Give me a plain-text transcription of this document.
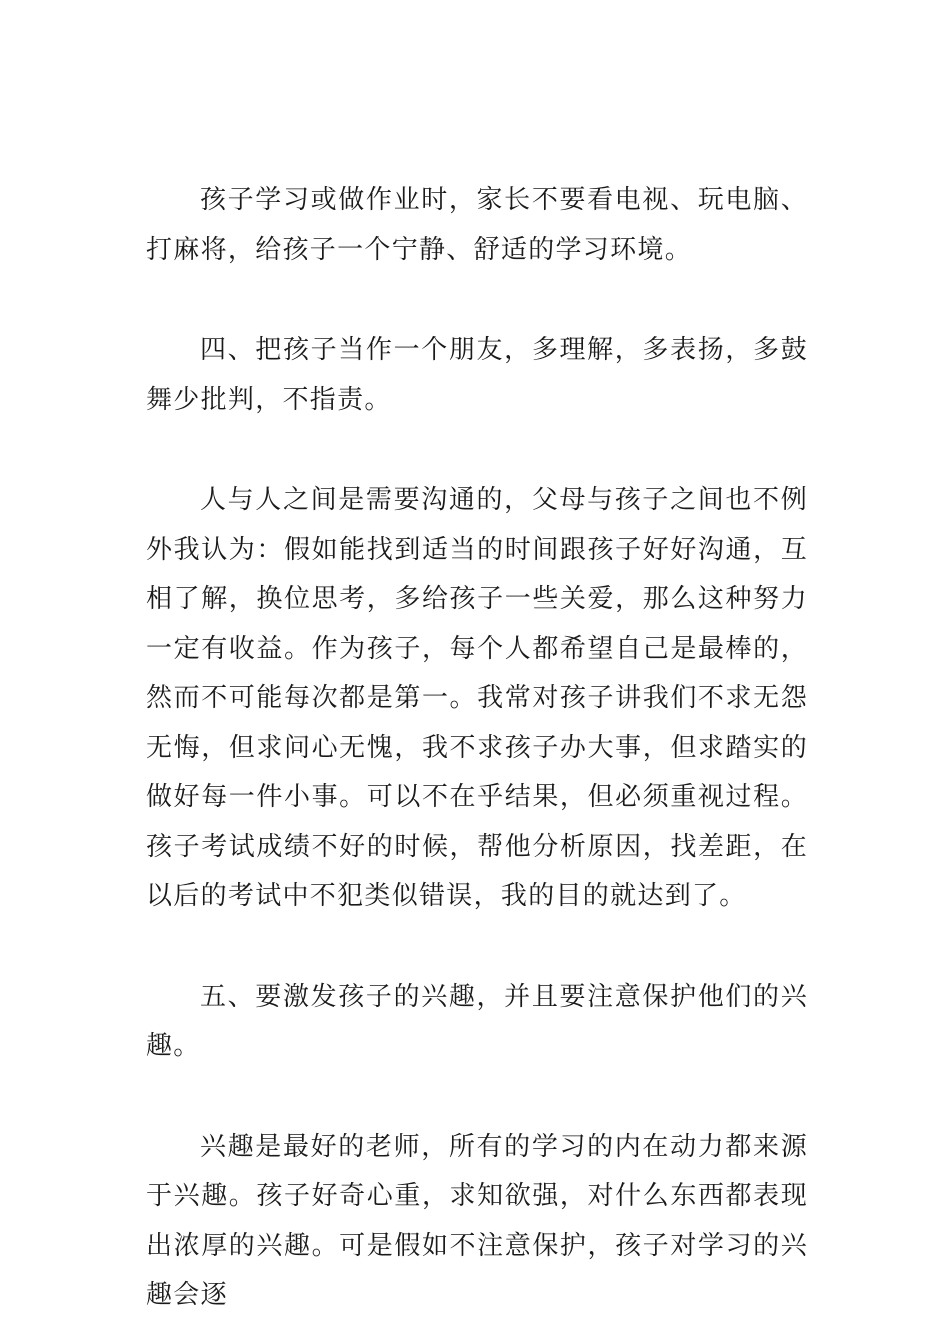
孩子学习或做作业时，家长不要看电视、玩电脑、打麻将，给孩子一个宁静、舒适的学习环境。

四、把孩子当作一个朋友，多理解，多表扬，多鼓舞少批判，不指责。

人与人之间是需要沟通的，父母与孩子之间也不例外我认为：假如能找到适当的时间跟孩子好好沟通，互相了解，换位思考，多给孩子一些关爱，那么这种努力一定有收益。作为孩子，每个人都希望自己是最棒的，然而不可能每次都是第一。我常对孩子讲我们不求无怨无悔，但求问心无愧，我不求孩子办大事，但求踏实的做好每一件小事。可以不在乎结果，但必须重视过程。孩子考试成绩不好的时候，帮他分析原因，找差距，在以后的考试中不犯类似错误，我的目的就达到了。

五、要激发孩子的兴趣，并且要注意保护他们的兴趣。

兴趣是最好的老师，所有的学习的内在动力都来源于兴趣。孩子好奇心重，求知欲强，对什么东西都表现出浓厚的兴趣。可是假如不注意保护，孩子对学习的兴趣会逐
